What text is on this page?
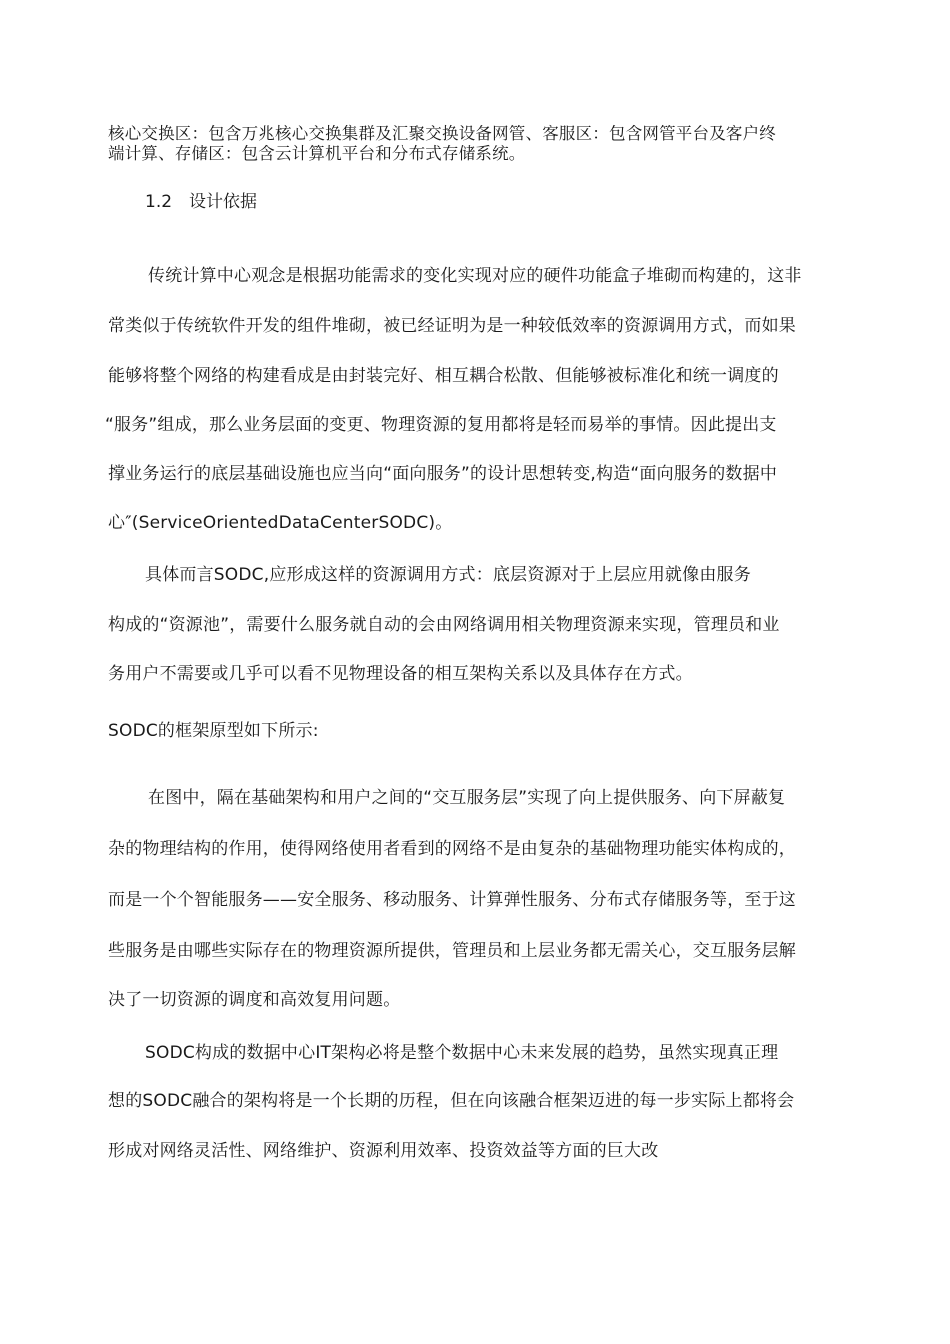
核心交换区：包含万兆核心交换集群及汇聚交换设备网管、客服区：包含网管平台及客户终
端计算、存储区：包含云计算机平台和分布式存储系统。
1.2 设计依据
传统计算中心观念是根据功能需求的变化实现对应的硬件功能盒子堆砌而构建的，这非
常类似于传统软件开发的组件堆砌，被已经证明为是一种较低效率的资源调用方式，而如果
能够将整个网络的构建看成是由封装完好、相互耦合松散、但能够被标准化和统一调度的
“服务”组成，那么业务层面的变更、物理资源的复用都将是轻而易举的事情。因此提出支
撑业务运行的底层基础设施也应当向“面向服务”的设计思想转变,构造“面向服务的数据中
心″(ServiceOrientedDataCenterSODC)。
具体而言SODC,应形成这样的资源调用方式：底层资源对于上层应用就像由服务
构成的“资源池”，需要什么服务就自动的会由网络调用相关物理资源来实现，管理员和业
务用户不需要或几乎可以看不见物理设备的相互架构关系以及具体存在方式。
SODC的框架原型如下所示:
在图中，隔在基础架构和用户之间的“交互服务层”实现了向上提供服务、向下屏蔽复
杂的物理结构的作用，使得网络使用者看到的网络不是由复杂的基础物理功能实体构成的，
而是一个个智能服务——安全服务、移动服务、计算弹性服务、分布式存储服务等，至于这
些服务是由哪些实际存在的物理资源所提供，管理员和上层业务都无需关心，交互服务层解
决了一切资源的调度和高效复用问题。
SODC构成的数据中心IT架构必将是整个数据中心未来发展的趋势，虽然实现真正理
想的SODC融合的架构将是一个长期的历程，但在向该融合框架迈进的每一步实际上都将会
形成对网络灵活性、网络维护、资源利用效率、投资效益等方面的巨大改
